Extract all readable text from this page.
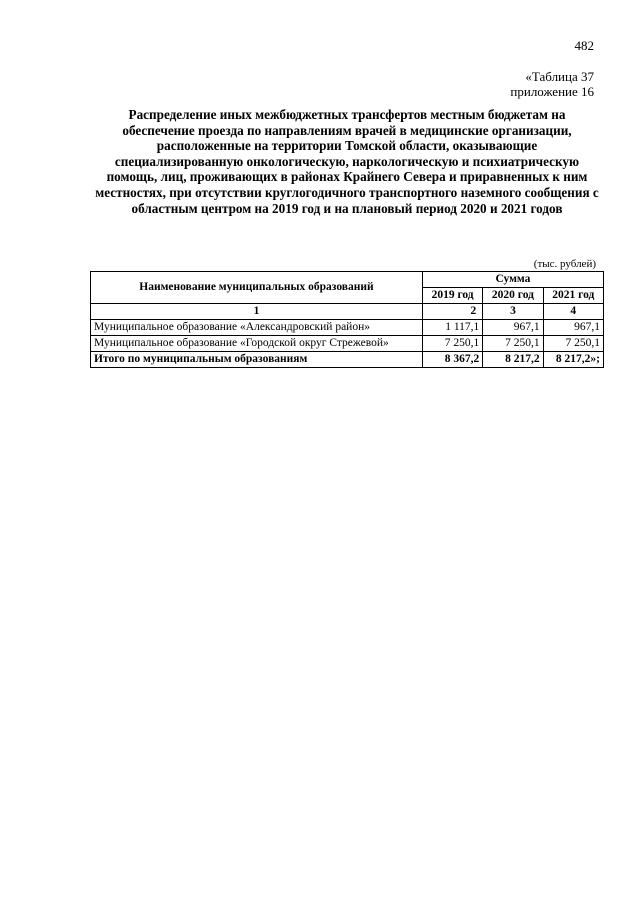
482
«Таблица 37
приложение 16
Распределение иных межбюджетных трансфертов местным бюджетам на обеспечение проезда по направлениям врачей в медицинские организации, расположенные на территории Томской области, оказывающие специализированную онкологическую, наркологическую и психиатрическую помощь, лиц, проживающих в районах Крайнего Севера и приравненных к ним местностях, при отсутствии круглогодичного транспортного наземного сообщения с областным центром на 2019 год и на плановый период 2020 и 2021 годов
(тыс. рублей)
Наименование муниципальных образований	Сумма		
	2019 год	2020 год	2021 год
1	2	3	4
Муниципальное образование «Александровский район»	1 117,1	967,1	967,1
Муниципальное образование «Городской округ Стрежевой»	7 250,1	7 250,1	7 250,1
Итого по муниципальным образованиям	8 367,2	8 217,2	8 217,2»;
